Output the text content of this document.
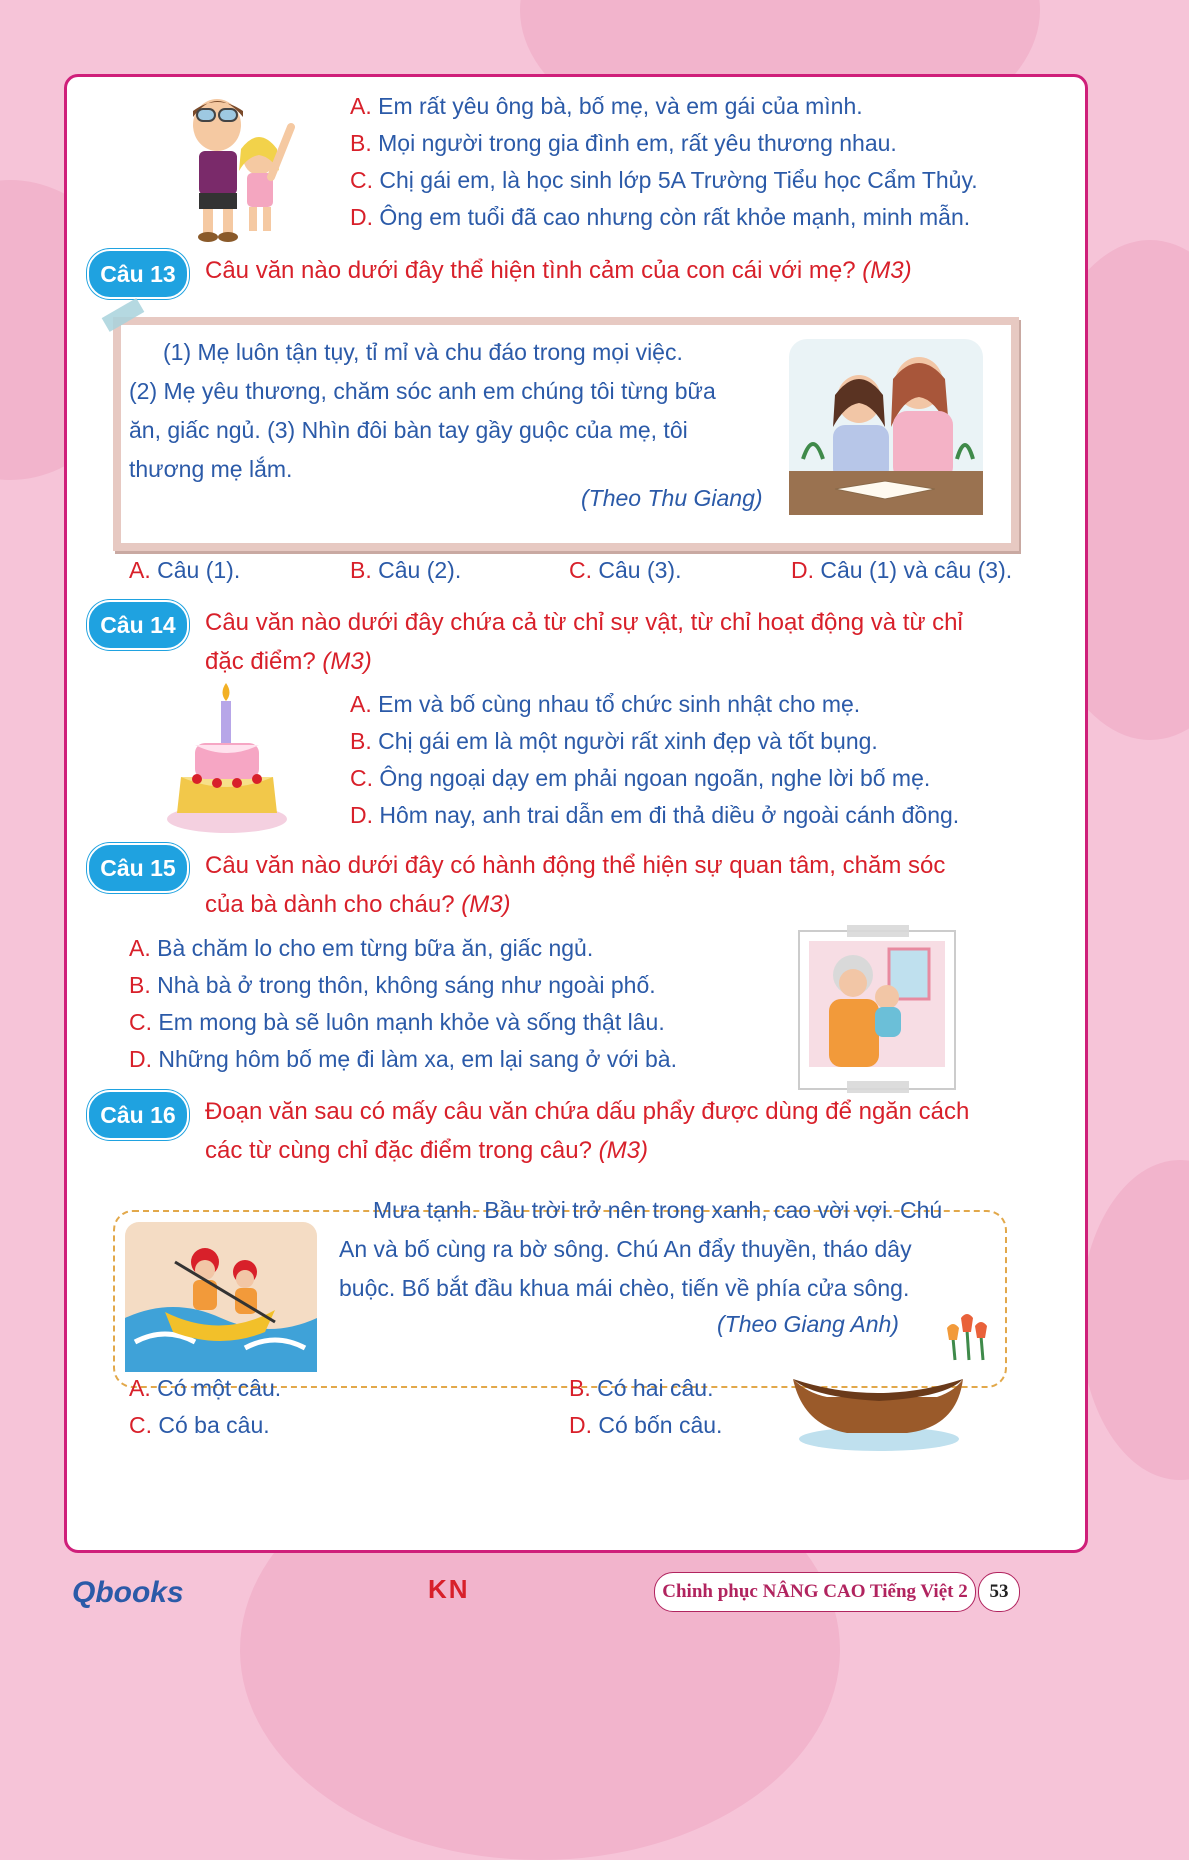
A. Em rất yêu ông bà, bố mẹ, và em gái của mình.
B. Mọi người trong gia đình em, rất yêu thương nhau.
C. Chị gái em, là học sinh lớp 5A Trường Tiểu học Cẩm Thủy.
D. Ông em tuổi đã cao nhưng còn rất khỏe mạnh, minh mẫn.
Câu 13	Câu văn nào dưới đây thể hiện tình cảm của con cái với mẹ? (M3)
(1) Mẹ luôn tận tụy, tỉ mỉ và chu đáo trong mọi việc.
(2) Mẹ yêu thương, chăm sóc anh em chúng tôi từng bữa
ăn, giấc ngủ. (3) Nhìn đôi bàn tay gầy guộc của mẹ, tôi
thương mẹ lắm.
(Theo Thu Giang)
A. Câu (1).	B. Câu (2).	C. Câu (3).	D. Câu (1) và câu (3).
Câu 14	Câu văn nào dưới đây chứa cả từ chỉ sự vật, từ chỉ hoạt động và từ chỉ
đặc điểm? (M3)
A. Em và bố cùng nhau tổ chức sinh nhật cho mẹ.
B. Chị gái em là một người rất xinh đẹp và tốt bụng.
C. Ông ngoại dạy em phải ngoan ngoãn, nghe lời bố mẹ.
D. Hôm nay, anh trai dẫn em đi thả diều ở ngoài cánh đồng.
Câu 15	Câu văn nào dưới đây có hành động thể hiện sự quan tâm, chăm sóc
của bà dành cho cháu? (M3)
A. Bà chăm lo cho em từng bữa ăn, giấc ngủ.
B. Nhà bà ở trong thôn, không sáng như ngoài phố.
C. Em mong bà sẽ luôn mạnh khỏe và sống thật lâu.
D. Những hôm bố mẹ đi làm xa, em lại sang ở với bà.
Câu 16	Đoạn văn sau có mấy câu văn chứa dấu phẩy được dùng để ngăn cách
các từ cùng chỉ đặc điểm trong câu? (M3)
Mưa tạnh. Bầu trời trở nên trong xanh, cao vời vợi. Chú
An và bố cùng ra bờ sông. Chú An đẩy thuyền, tháo dây
buộc. Bố bắt đầu khua mái chèo, tiến về phía cửa sông.
(Theo Giang Anh)
A. Có một câu.	B. Có hai câu.
C. Có ba câu.	D. Có bốn câu.
Qbooks	KN	Chinh phục NÂNG CAO Tiếng Việt 2	53
